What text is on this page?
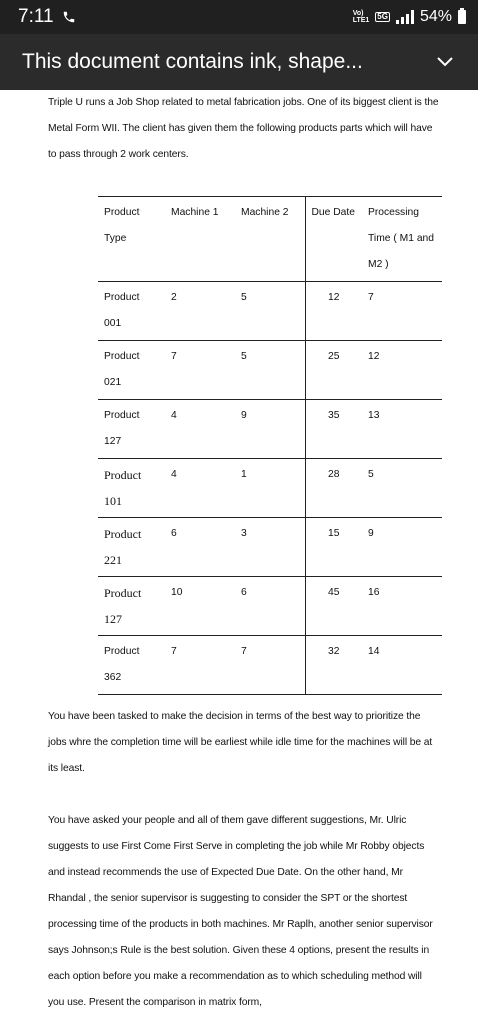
7:11	Vo)
LTE1 5G 54%
This document contains ink, shape...

Triple U runs a Job Shop related to metal fabrication jobs. One of its biggest client is the Metal Form WII. The client has given them the following products parts which will have to pass through 2 work centers.

Product Type	Machine 1	Machine 2	Due Date	Processing Time ( M1 and M2 )
Product 001	2	5	12	7
Product 021	7	5	25	12
Product 127	4	9	35	13
Product 101	4	1	28	5
Product 221	6	3	15	9
Product 127	10	6	45	16
Product 362	7	7	32	14

You have been tasked to make the decision in terms of the best way to prioritize the jobs whre the completion time will be earliest while idle time for the machines will be at its least.

You have asked your people and all of them gave different suggestions, Mr. Ulric suggests to use First Come First Serve in completing the job while Mr Robby objects and instead recommends the use of Expected Due Date. On the other hand, Mr Rhandal , the senior supervisor is suggesting to consider the SPT or the shortest processing time of the products in both machines. Mr Raplh, another senior supervisor says Johnson;s Rule is the best solution. Given these 4 options, present the results in each option before you make a recommendation as to which scheduling method will you use. Present the comparison in matrix form,
